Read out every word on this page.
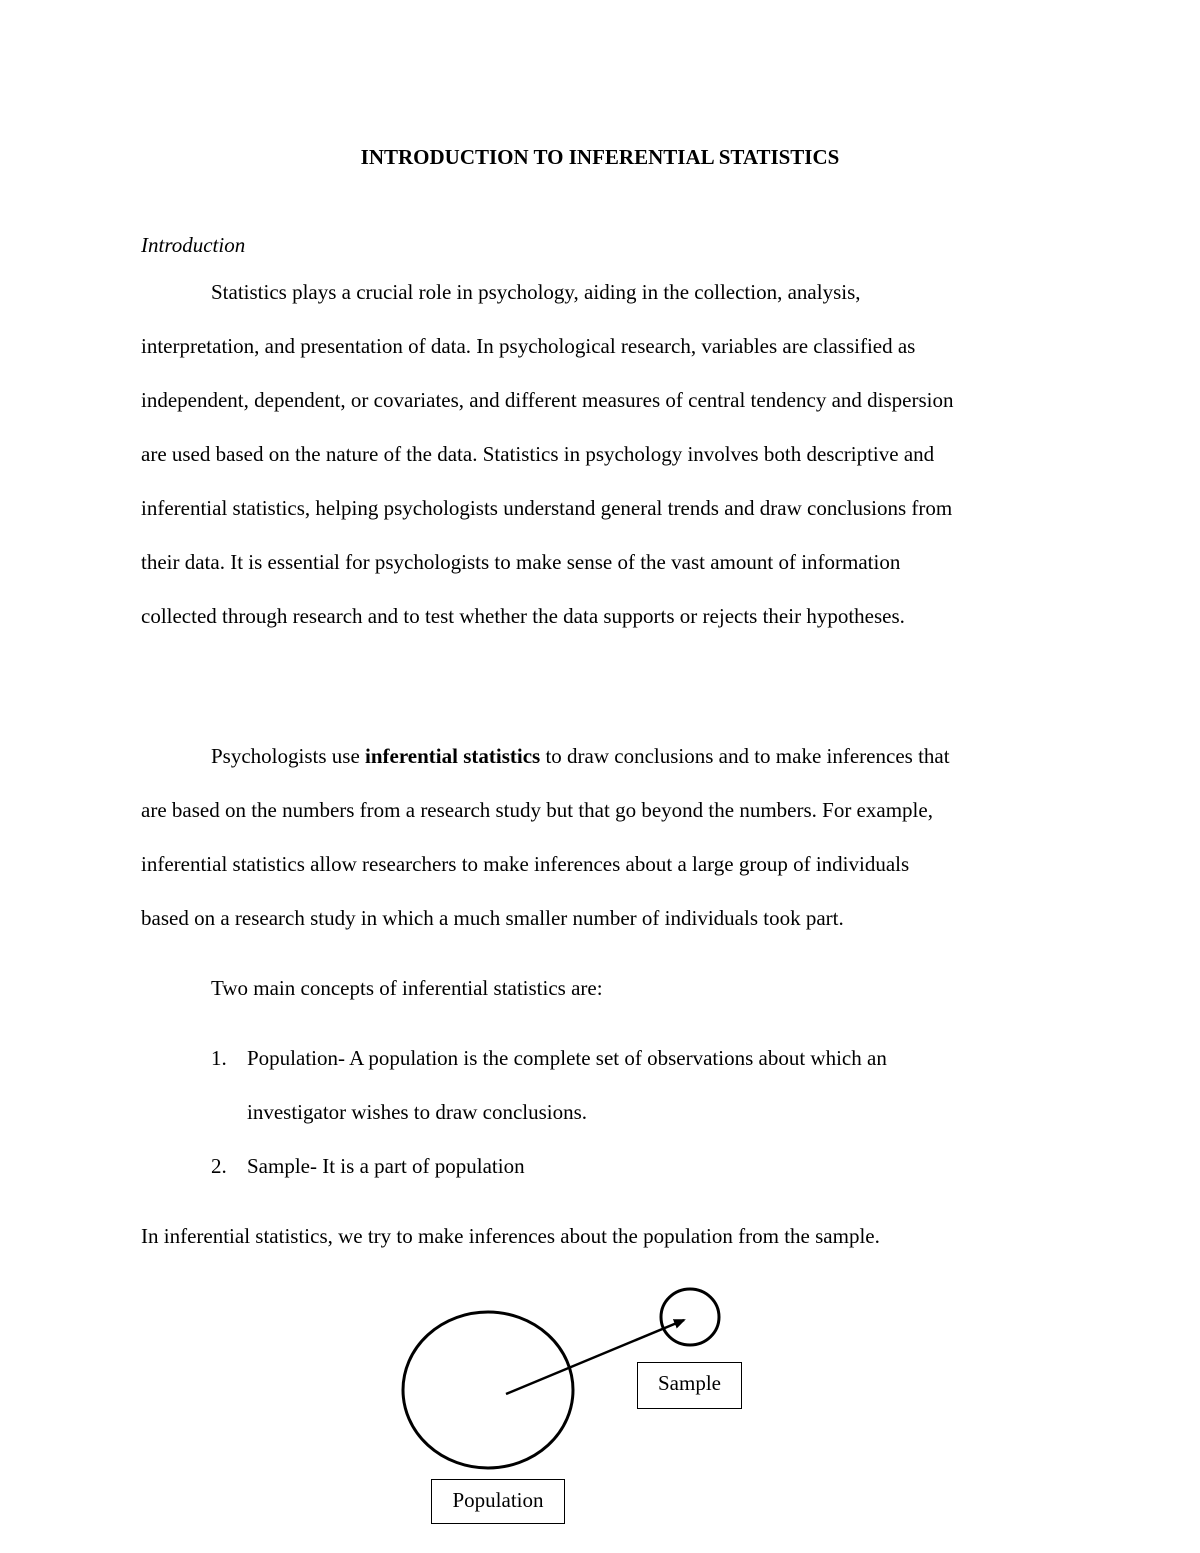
INTRODUCTION TO INFERENTIAL STATISTICS
Introduction
Statistics plays a crucial role in psychology, aiding in the collection, analysis,
interpretation, and presentation of data. In psychological research, variables are classified as
independent, dependent, or covariates, and different measures of central tendency and dispersion
are used based on the nature of the data. Statistics in psychology involves both descriptive and
inferential statistics, helping psychologists understand general trends and draw conclusions from
their data. It is essential for psychologists to make sense of the vast amount of information
collected through research and to test whether the data supports or rejects their hypotheses.
Psychologists use inferential statistics to draw conclusions and to make inferences that
are based on the numbers from a research study but that go beyond the numbers. For example,
inferential statistics allow researchers to make inferences about a large group of individuals
based on a research study in which a much smaller number of individuals took part.
Two main concepts of inferential statistics are:
1. Population- A population is the complete set of observations about which an
investigator wishes to draw conclusions.
2. Sample- It is a part of population
In inferential statistics, we try to make inferences about the population from the sample.
Sample
Population
